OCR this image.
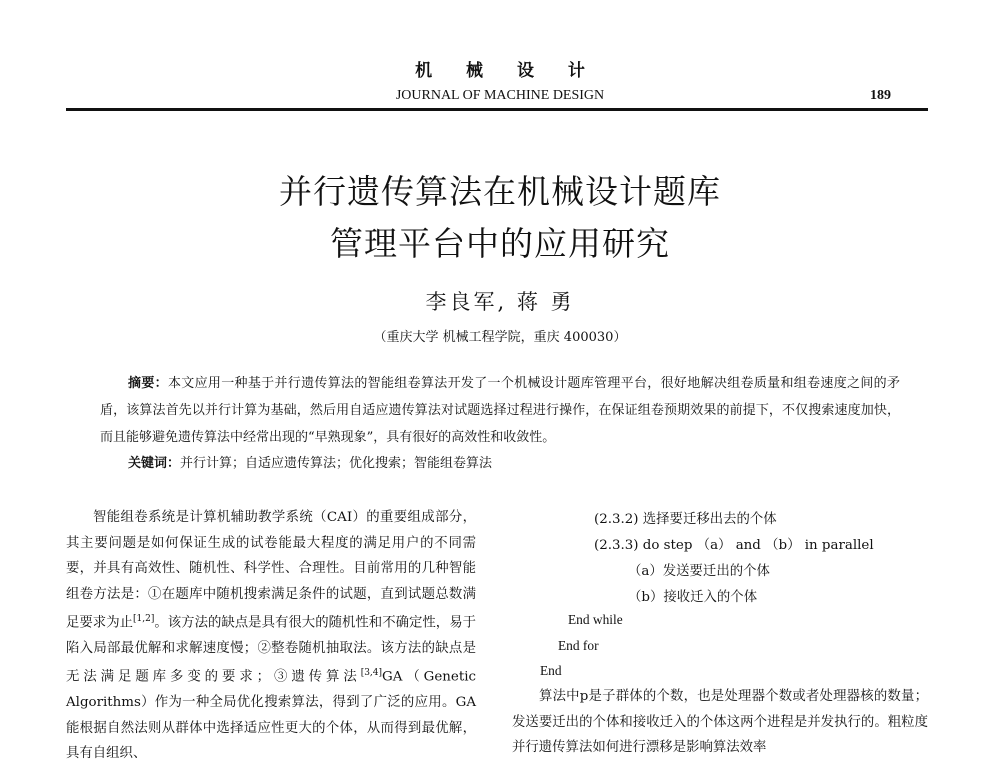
机 械 设 计
JOURNAL OF MACHINE DESIGN	189
并行遗传算法在机械设计题库
管理平台中的应用研究
李良军, 蒋 勇
（重庆大学 机械工程学院，重庆 400030）

摘要：本文应用一种基于并行遗传算法的智能组卷算法开发了一个机械设计题库管理平台，很好地解决组卷质量和组卷速度之间的矛盾，该算法首先以并行计算为基础，然后用自适应遗传算法对试题选择过程进行操作，在保证组卷预期效果的前提下，不仅搜索速度加快，而且能够避免遗传算法中经常出现的“早熟现象”，具有很好的高效性和收敛性。

关键词：并行计算；自适应遗传算法；优化搜索；智能组卷算法

智能组卷系统是计算机辅助教学系统（CAI）的重要组成部分，其主要问题是如何保证生成的试卷能最大程度的满足用户的不同需要，并具有高效性、随机性、科学性、合理性。目前常用的几种智能组卷方法是：①在题库中随机搜索满足条件的试题，直到试题总数满足要求为止[1,2]。该方法的缺点是具有很大的随机性和不确定性，易于陷入局部最优解和求解速度慢；②整卷随机抽取法。该方法的缺点是无法满足题库多变的要求；③遗传算法[3,4]GA（Genetic Algorithms）作为一种全局优化搜索算法，得到了广泛的应用。GA能根据自然法则从群体中选择适应性更大的个体，从而得到最优解，具有自组织、

(2.3.2) 选择要迁移出去的个体
(2.3.3) do step （a） and （b） in parallel
（a）发送要迁出的个体
（b）接收迁入的个体
End while
End for
End

算法中p是子群体的个数，也是处理器个数或者处理器核的数量；发送要迁出的个体和接收迁入的个体这两个进程是并发执行的。粗粒度并行遗传算法如何进行漂移是影响算法效率
